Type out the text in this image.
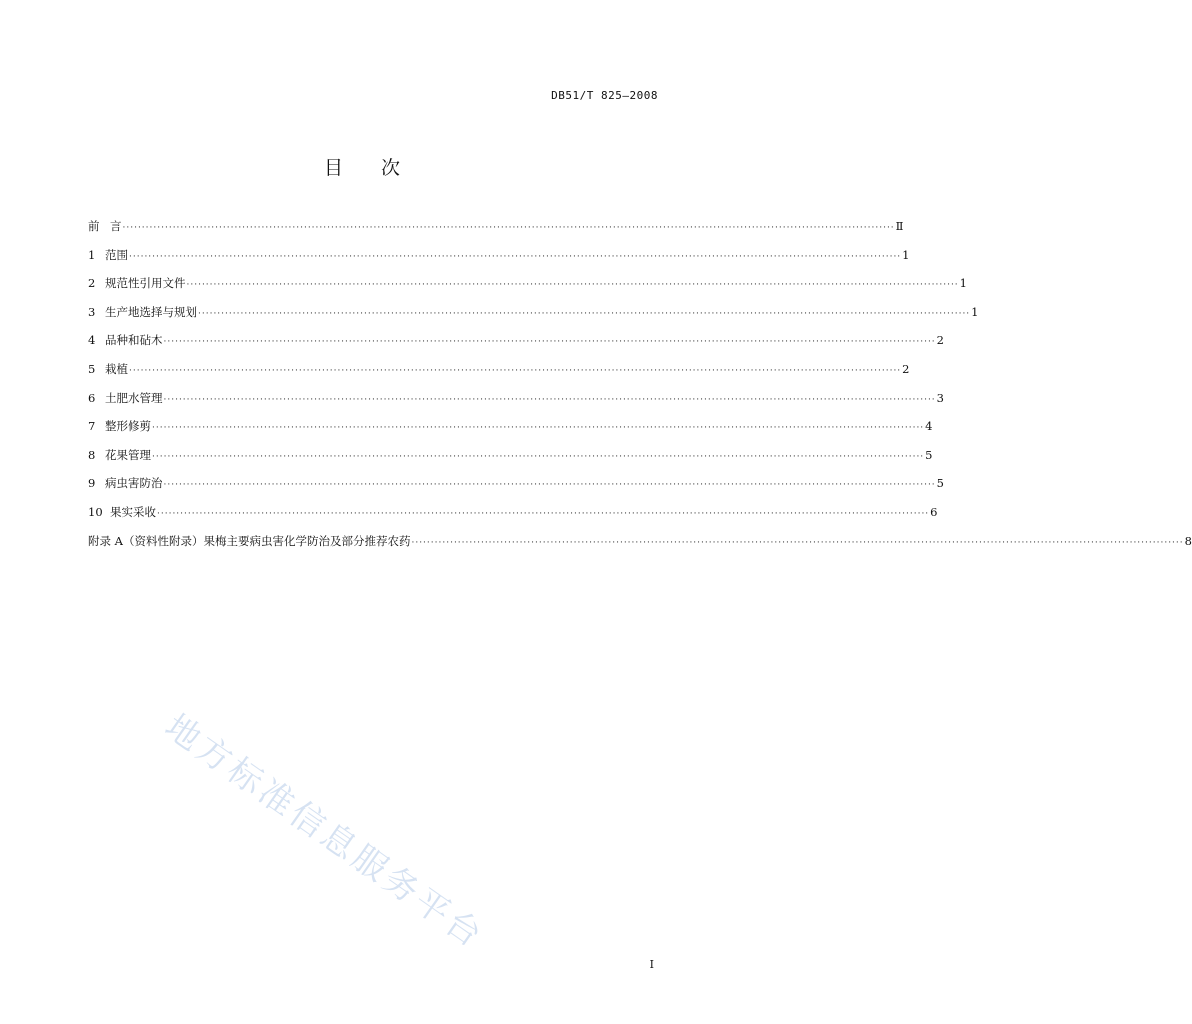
DB51/T 825—2008
目 次
前 言 ········································································································································································································ Ⅱ
1 范围 ········································································································································································································ 1
2 规范性引用文件 ········································································································································································································ 1
3 生产地选择与规划 ········································································································································································································ 1
4 品种和砧木 ········································································································································································································ 2
5 栽植 ········································································································································································································ 2
6 土肥水管理 ········································································································································································································ 3
7 整形修剪 ········································································································································································································ 4
8 花果管理 ········································································································································································································ 5
9 病虫害防治 ········································································································································································································ 5
10 果实采收 ········································································································································································································ 6
附录 A（资料性附录）果梅主要病虫害化学防治及部分推荐农药 ········································································································································································································ 8
地方标准信息服务平台
I
